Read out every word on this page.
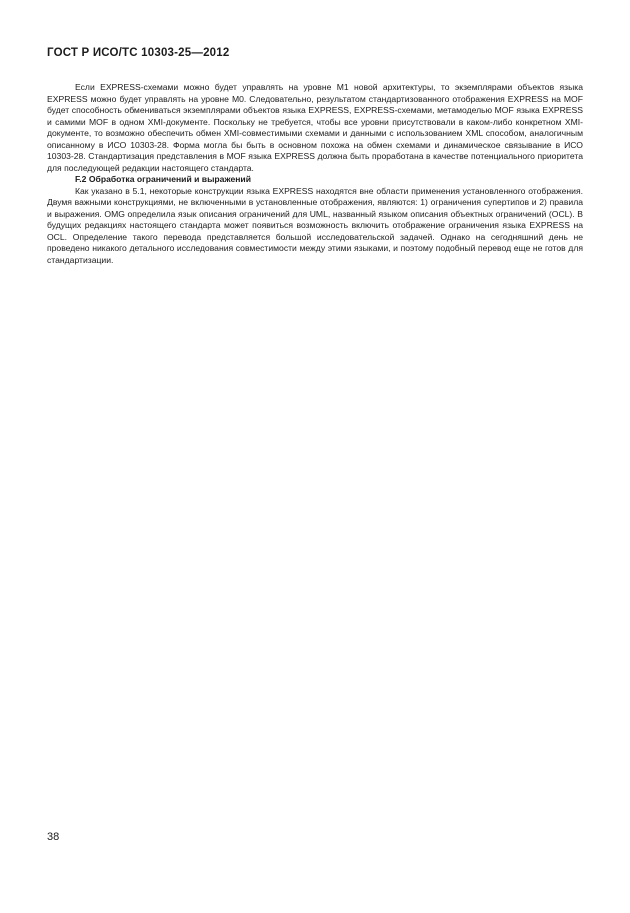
ГОСТ Р ИСО/ТС 10303-25—2012

Если EXPRESS-схемами можно будет управлять на уровне M1 новой архитектуры, то экземплярами объектов языка EXPRESS можно будет управлять на уровне M0. Следовательно, результатом стандартизованного отображения EXPRESS на MOF будет способность обмениваться экземплярами объектов языка EXPRESS, EXPRESS-схемами, метамоделью MOF языка EXPRESS и самими MOF в одном XMI-документе. Поскольку не требуется, чтобы все уровни присутствовали в каком-либо конкретном XMI-документе, то возможно обеспечить обмен XMI-совместимыми схемами и данными с использованием XML способом, аналогичным описанному в ИСО 10303-28. Форма могла бы быть в основном похожа на обмен схемами и динамическое связывание в ИСО 10303-28. Стандартизация представления в MOF языка EXPRESS должна быть проработана в качестве потенциального приоритета для последующей редакции настоящего стандарта.

F.2 Обработка ограничений и выражений

Как указано в 5.1, некоторые конструкции языка EXPRESS находятся вне области применения установленного отображения. Двумя важными конструкциями, не включенными в установленные отображения, являются: 1) ограничения супертипов и 2) правила и выражения. OMG определила язык описания ограничений для UML, названный языком описания объектных ограничений (OCL). В будущих редакциях настоящего стандарта может появиться возможность включить отображение ограничения языка EXPRESS на OCL. Определение такого перевода представляется большой исследовательской задачей. Однако на сегодняшний день не проведено никакого детального исследования совместимости между этими языками, и поэтому подобный перевод еще не готов для стандартизации.

38
